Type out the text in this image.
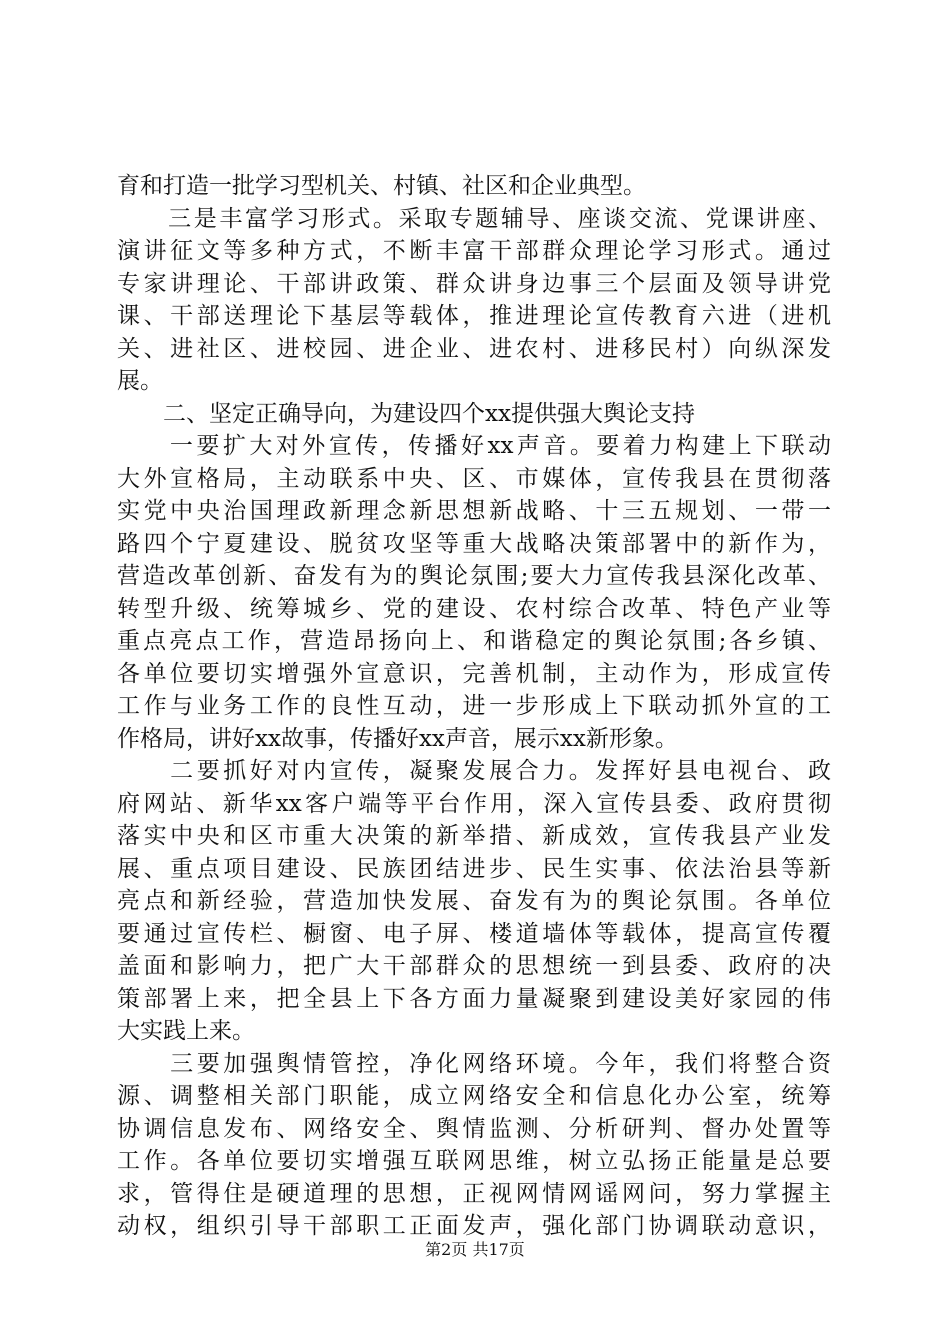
育和打造一批学习型机关、村镇、社区和企业典型。
　　三是丰富学习形式。采取专题辅导、座谈交流、党课讲座、
演讲征文等多种方式，不断丰富干部群众理论学习形式。通过
专家讲理论、干部讲政策、群众讲身边事三个层面及领导讲党
课、干部送理论下基层等载体，推进理论宣传教育六进（进机
关、进社区、进校园、进企业、进农村、进移民村）向纵深发
展。
　　二、坚定正确导向，为建设四个xx提供强大舆论支持
　　一要扩大对外宣传，传播好xx声音。要着力构建上下联动
大外宣格局，主动联系中央、区、市媒体，宣传我县在贯彻落
实党中央治国理政新理念新思想新战略、十三五规划、一带一
路四个宁夏建设、脱贫攻坚等重大战略决策部署中的新作为，
营造改革创新、奋发有为的舆论氛围;要大力宣传我县深化改革、
转型升级、统筹城乡、党的建设、农村综合改革、特色产业等
重点亮点工作，营造昂扬向上、和谐稳定的舆论氛围;各乡镇、
各单位要切实增强外宣意识，完善机制，主动作为，形成宣传
工作与业务工作的良性互动，进一步形成上下联动抓外宣的工
作格局，讲好xx故事，传播好xx声音，展示xx新形象。
　　二要抓好对内宣传，凝聚发展合力。发挥好县电视台、政
府网站、新华xx客户端等平台作用，深入宣传县委、政府贯彻
落实中央和区市重大决策的新举措、新成效，宣传我县产业发
展、重点项目建设、民族团结进步、民生实事、依法治县等新
亮点和新经验，营造加快发展、奋发有为的舆论氛围。各单位
要通过宣传栏、橱窗、电子屏、楼道墙体等载体，提高宣传覆
盖面和影响力，把广大干部群众的思想统一到县委、政府的决
策部署上来，把全县上下各方面力量凝聚到建设美好家园的伟
大实践上来。
　　三要加强舆情管控，净化网络环境。今年，我们将整合资
源、调整相关部门职能，成立网络安全和信息化办公室，统筹
协调信息发布、网络安全、舆情监测、分析研判、督办处置等
工作。各单位要切实增强互联网思维，树立弘扬正能量是总要
求，管得住是硬道理的思想，正视网情网谣网问，努力掌握主
动权，组织引导干部职工正面发声，强化部门协调联动意识，
第2页 共17页
